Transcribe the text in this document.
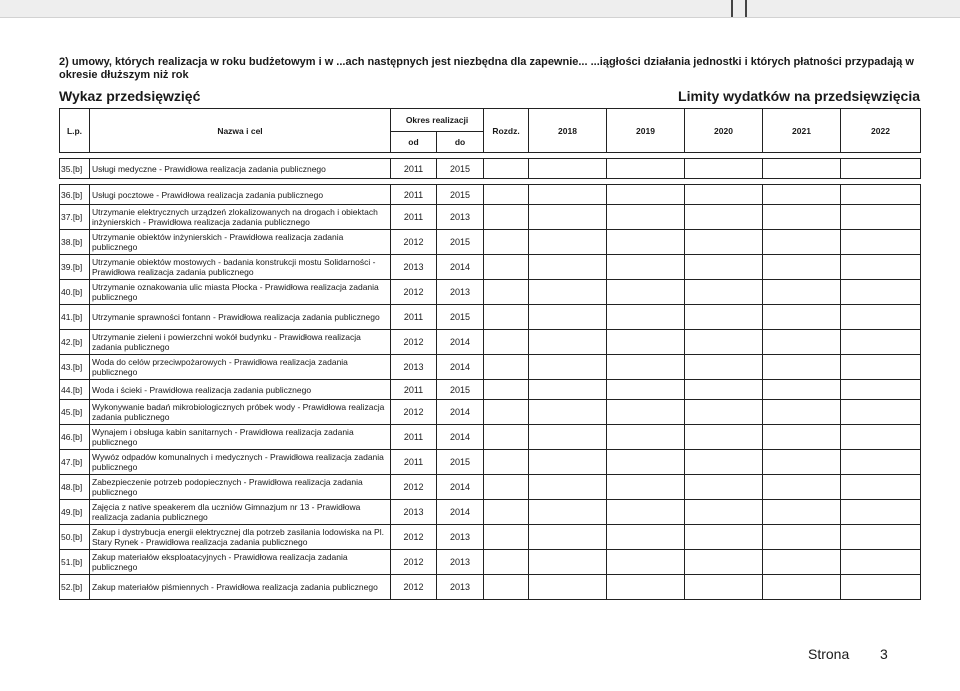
2) umowy, których realizacja w roku budżetowym i w ...ach następnych jest niezbędna dla zapewnie... ...iągłości działania jednostki i których płatności przypadają w okresie dłuższym niż rok
Wykaz przedsięwzięć	Limity wydatków na przedsięwzięcia
L.p.	Nazwa i cel	Okres realizacji		Rozdz.	2018	2019	2020	2021	2022
		od	do						

35.[b]	Usługi medyczne - Prawidłowa realizacja zadania publicznego	2011	2015						

36.[b]	Usługi pocztowe - Prawidłowa realizacja zadania publicznego	2011	2015						
37.[b]	Utrzymanie elektrycznych urządzeń zlokalizowanych na drogach i obiektach inżynierskich - Prawidłowa realizacja zadania publicznego	2011	2013						
38.[b]	Utrzymanie obiektów inżynierskich - Prawidłowa realizacja zadania publicznego	2012	2015						
39.[b]	Utrzymanie obiektów mostowych - badania konstrukcji mostu Solidarności - Prawidłowa realizacja zadania publicznego	2013	2014						
40.[b]	Utrzymanie oznakowania ulic miasta Płocka - Prawidłowa realizacja zadania publicznego	2012	2013						
41.[b]	Utrzymanie sprawności fontann - Prawidłowa realizacja zadania publicznego	2011	2015						
42.[b]	Utrzymanie zieleni i powierzchni wokół budynku - Prawidłowa realizacja zadania publicznego	2012	2014						
43.[b]	Woda do celów przeciwpożarowych - Prawidłowa realizacja zadania publicznego	2013	2014						
44.[b]	Woda i ścieki - Prawidłowa realizacja zadania publicznego	2011	2015						
45.[b]	Wykonywanie badań mikrobiologicznych próbek wody - Prawidłowa realizacja zadania publicznego	2012	2014						
46.[b]	Wynajem i obsługa kabin sanitarnych - Prawidłowa realizacja zadania publicznego	2011	2014						
47.[b]	Wywóz odpadów komunalnych i medycznych - Prawidłowa realizacja zadania publicznego	2011	2015						
48.[b]	Zabezpieczenie potrzeb podopiecznych - Prawidłowa realizacja zadania publicznego	2012	2014						
49.[b]	Zajęcia z native speakerem dla uczniów Gimnazjum nr 13 - Prawidłowa realizacja zadania publicznego	2013	2014						
50.[b]	Zakup i dystrybucja energii elektrycznej dla potrzeb zasilania lodowiska na Pl. Stary Rynek - Prawidłowa realizacja zadania publicznego	2012	2013						
51.[b]	Zakup materiałów eksploatacyjnych - Prawidłowa realizacja zadania publicznego	2012	2013						
52.[b]	Zakup materiałów piśmiennych - Prawidłowa realizacja zadania publicznego	2012	2013						
Strona 3
